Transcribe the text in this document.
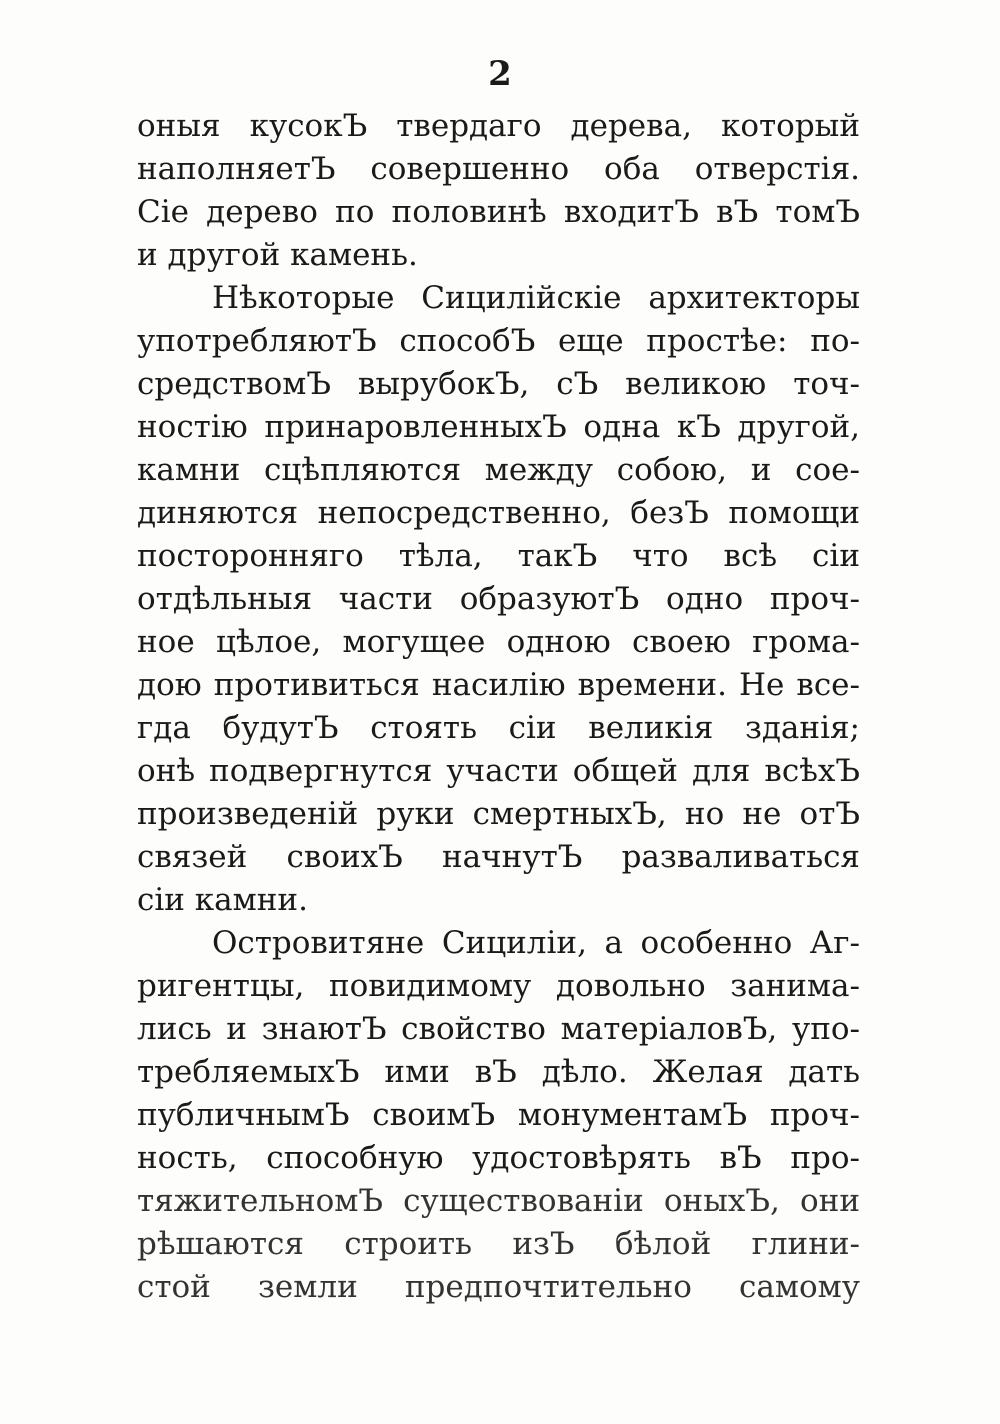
2
оныя кусокЪ твердаго дерева, который
наполняетЪ совершенно оба отверстія.
Сіе дерево по половинѣ входитЪ вЪ томЪ
и другой камень.
Нѣкоторые Сицилійскіе архитекторы
употребляютЪ способЪ еще простѣе: по-
средствомЪ вырубокЪ, сЪ великою точ-
ностію принаровленныхЪ одна кЪ другой,
камни сцѣпляются между собою, и сое-
диняются непосредственно, безЪ помощи
посторонняго тѣла, такЪ что всѣ сіи
отдѣльныя части образуютЪ одно проч-
ное цѣлое, могущее одною своею грома-
дою противиться насилію времени. Не все-
гда будутЪ стоять сіи великія зданія;
онѣ подвергнутся участи общей для всѣхЪ
произведеній руки смертныхЪ, но не отЪ
связей своихЪ начнутЪ разваливаться
сіи камни.
Островитяне Сициліи, а особенно Аг-
ригентцы, повидимому довольно занима-
лись и знаютЪ свойство матеріаловЪ, упо-
требляемыхЪ ими вЪ дѣло. Желая дать
публичнымЪ своимЪ монументамЪ проч-
ность, способную удостовѣрять вЪ про-
тяжительномЪ существованіи оныхЪ, они
рѣшаются строить изЪ бѣлой глини-
стой земли предпочтительно самому
